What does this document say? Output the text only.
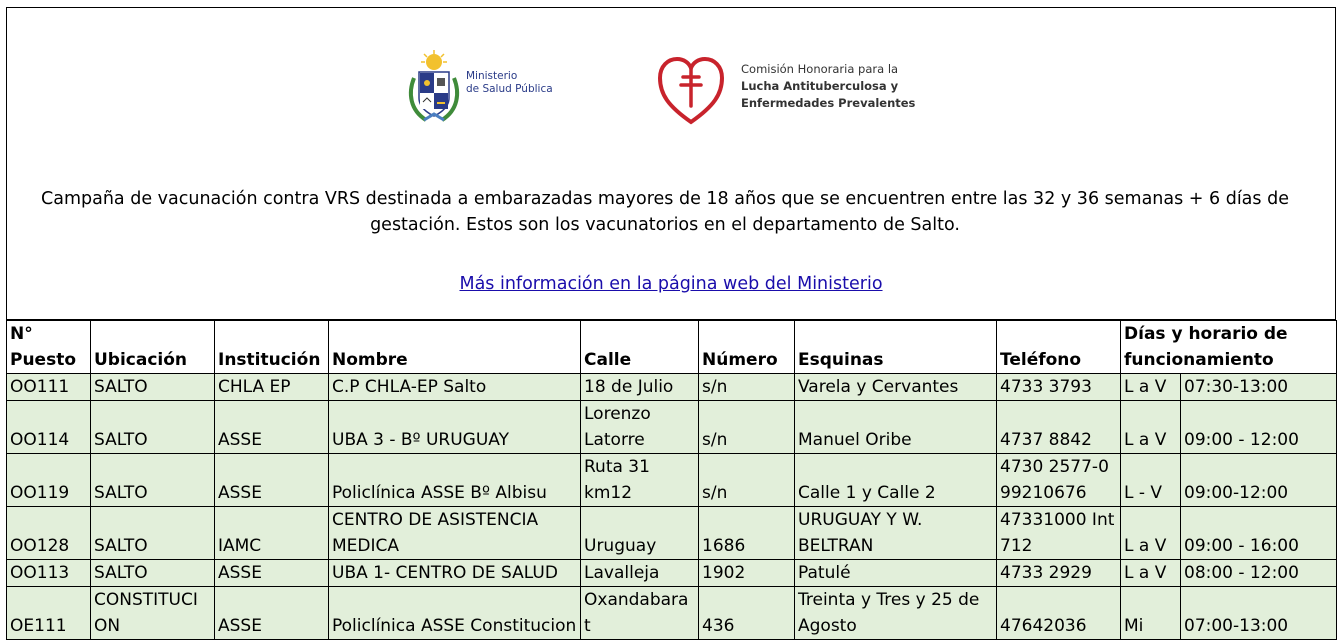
Ministerio
de Salud Pública
Comisión Honoraria para la
Lucha Antituberculosa y
Enfermedades Prevalentes
Campaña de vacunación contra VRS destinada a embarazadas mayores de 18 años que se encuentren entre las 32 y 36 semanas + 6 días de
gestación. Estos son los vacunatorios en el departamento de Salto.
Más información en la página web del Ministerio
N°
Puesto	Ubicación	Institución	Nombre	Calle	Número	Esquinas	Teléfono	Días y horario de funcionamiento	
OO111	SALTO	CHLA EP	C.P CHLA-EP Salto	18 de Julio	s/n	Varela y Cervantes	4733 3793	L a V	07:30-13:00
OO114	SALTO	ASSE	UBA 3 - Bº URUGUAY	Lorenzo Latorre	s/n	Manuel Oribe	4737 8842	L a V	09:00 - 12:00
OO119	SALTO	ASSE	Policlínica ASSE Bº Albisu	Ruta 31 km12	s/n	Calle 1 y Calle 2	4730 2577-099210676	L - V	09:00-12:00
OO128	SALTO	IAMC	CENTRO DE ASISTENCIA MEDICA	Uruguay	1686	URUGUAY Y W. BELTRAN	47331000 Int 712	L a V	09:00 - 16:00
OO113	SALTO	ASSE	UBA 1- CENTRO DE SALUD	Lavalleja	1902	Patulé	4733 2929	L a V	08:00 - 12:00
OE111	CONSTITUCION	ASSE	Policlínica ASSE Constitucion	Oxandabarat	436	Treinta y Tres y 25 de Agosto	47642036	Mi	07:00-13:00
